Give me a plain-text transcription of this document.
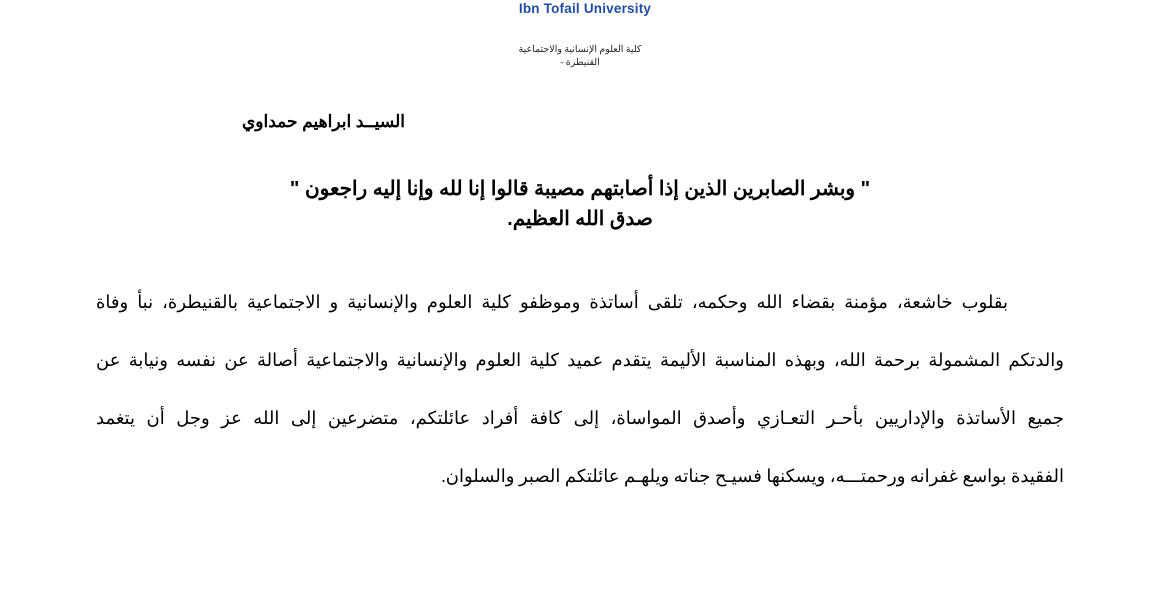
Ibn Tofail University
كلية العلوم الإنسانية والاجتماعية
القنيطرة -
السيــد ابراهيم حمداوي
" وبشر الصابرين الذين إذا أصابتهم مصيبة قالوا إنا لله وإنا إليه راجعون "
صدق الله العظيم.
بقلوب خاشعة، مؤمنة بقضاء الله وحكمه، تلقى أساتذة وموظفو كلية العلوم والإنسانية و الاجتماعية بالقنيطرة، نبأ وفاة
والدتكم المشمولة برحمة الله، وبهذه المناسبة الأليمة يتقدم عميد كلية العلوم والإنسانية والاجتماعية أصالة عن نفسه ونيابة عن
جميع الأساتذة والإداريين بأحـر التعـازي وأصدق المواساة، إلى كافة أفراد عائلتكم، متضرعين إلى الله عز وجل أن يتغمد
الفقيدة بواسع غفرانه ورحمتـــه، ويسكنها فسيـح جناته ويلهـم عائلتكم الصبر والسلوان.
